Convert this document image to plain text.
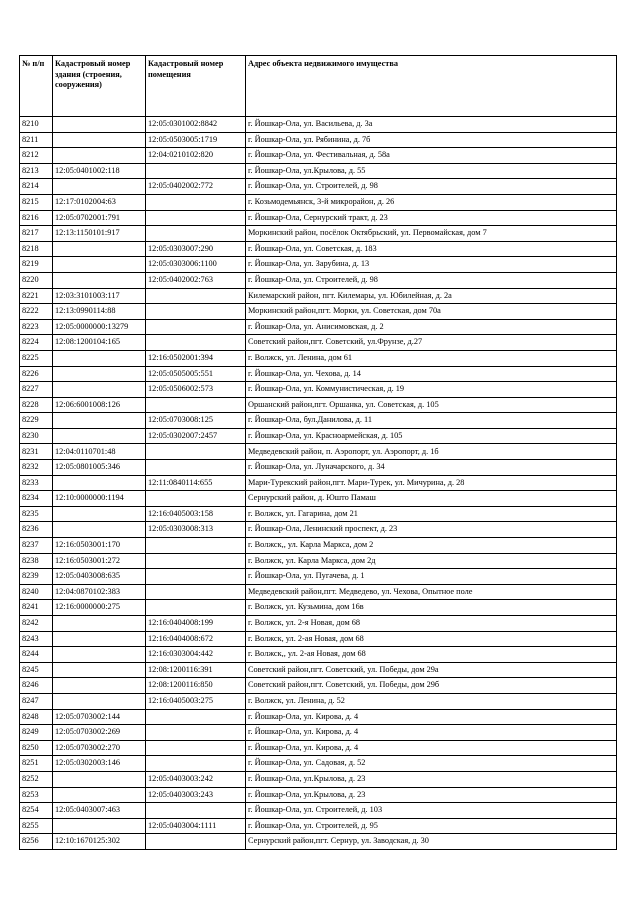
№ п/п	Кадастровый номер здания (строения, сооружения)	Кадастровый номер помещения	Адрес объекта недвижимого имущества
8210		12:05:0301002:8842	г. Йошкар-Ола, ул. Васильева, д. 3а
8211		12:05:0503005:1719	г. Йошкар-Ола, ул. Рябинина, д. 7б
8212		12:04:0210102:820	г. Йошкар-Ола, ул. Фестивальная, д. 58а
8213	12:05:0401002:118		г. Йошкар-Ола, ул.Крылова, д. 55
8214		12:05:0402002:772	г. Йошкар-Ола, ул. Строителей, д. 98
8215	12:17:0102004:63		г. Козьмодемьянск, 3-й микрорайон, д. 26
8216	12:05:0702001:791		г. Йошкар-Ола, Сернурский тракт, д. 23
8217	12:13:1150101:917		Моркинский район, посёлок Октябрьский, ул. Первомайская, дом 7
8218		12:05:0303007:290	г. Йошкар-Ола, ул. Советская, д. 183
8219		12:05:0303006:1100	г. Йошкар-Ола, ул. Зарубина, д. 13
8220		12:05:0402002:763	г. Йошкар-Ола, ул. Строителей, д. 98
8221	12:03:3101003:117		Килемарский район, пгт. Килемары, ул. Юбилейная, д. 2а
8222	12:13:0990114:88		Моркинский район,пгт. Морки, ул. Советская, дом 70а
8223	12:05:0000000:13279		г. Йошкар-Ола, ул. Анисимовская, д. 2
8224	12:08:1200104:165		Советский район,пгт. Советский, ул.Фрунзе, д.27
8225		12:16:0502001:394	г. Волжск, ул. Ленина, дом 61
8226		12:05:0505005:551	г. Йошкар-Ола, ул. Чехова, д. 14
8227		12:05:0506002:573	г. Йошкар-Ола, ул. Коммунистическая, д. 19
8228	12:06:6001008:126		Оршанский район,пгт. Оршанка, ул. Советская, д. 105
8229		12:05:0703008:125	г. Йошкар-Ола, бул.Данилова, д. 11
8230		12:05:0302007:2457	г. Йошкар-Ола, ул. Красноармейская, д. 105
8231	12:04:0110701:48		Медведевский район, п. Аэропорт, ул. Аэропорт, д. 1б
8232	12:05:0801005:346		г. Йошкар-Ола, ул. Луначарского, д. 34
8233		12:11:0840114:655	Мари-Турекский район,пгт. Мари-Турек, ул. Мичурина, д. 28
8234	12:10:0000000:1194		Сернурский район, д. Юшто Памаш
8235		12:16:0405003:158	г. Волжск, ул. Гагарина, дом 21
8236		12:05:0303008:313	г. Йошкар-Ола, Ленинский проспект, д. 23
8237	12:16:0503001:170		г. Волжск,, ул. Карла Маркса, дом 2
8238	12:16:0503001:272		г. Волжск, ул. Карла Маркса, дом 2д
8239	12:05:0403008:635		г. Йошкар-Ола, ул. Пугачева, д. 1
8240	12:04:0870102:383		Медведевский район,пгт. Медведево, ул. Чехова, Опытное поле
8241	12:16:0000000:275		г. Волжск, ул. Кузьмина, дом 16в
8242		12:16:0404008:199	г. Волжск, ул. 2-я Новая, дом 68
8243		12:16:0404008:672	г. Волжск, ул. 2-ая Новая, дом 68
8244		12:16:0303004:442	г. Волжск,, ул. 2-ая Новая, дом 68
8245		12:08:1200116:391	Советский район,пгт. Советский, ул. Победы, дом 29а
8246		12:08:1200116:850	Советский район,пгт. Советский, ул. Победы, дом 29б
8247		12:16:0405003:275	г. Волжск, ул. Ленина, д. 52
8248	12:05:0703002:144		г. Йошкар-Ола, ул. Кирова, д. 4
8249	12:05:0703002:269		г. Йошкар-Ола, ул. Кирова, д. 4
8250	12:05:0703002:270		г. Йошкар-Ола, ул. Кирова, д. 4
8251	12:05:0302003:146		г. Йошкар-Ола, ул. Садовая, д. 52
8252		12:05:0403003:242	г. Йошкар-Ола, ул.Крылова, д. 23
8253		12:05:0403003:243	г. Йошкар-Ола, ул.Крылова, д. 23
8254	12:05:0403007:463		г. Йошкар-Ола, ул. Строителей, д. 103
8255		12:05:0403004:1111	г. Йошкар-Ола, ул. Строителей, д. 95
8256	12:10:1670125:302		Сернурский район,пгт. Сернур, ул. Заводская, д. 30
